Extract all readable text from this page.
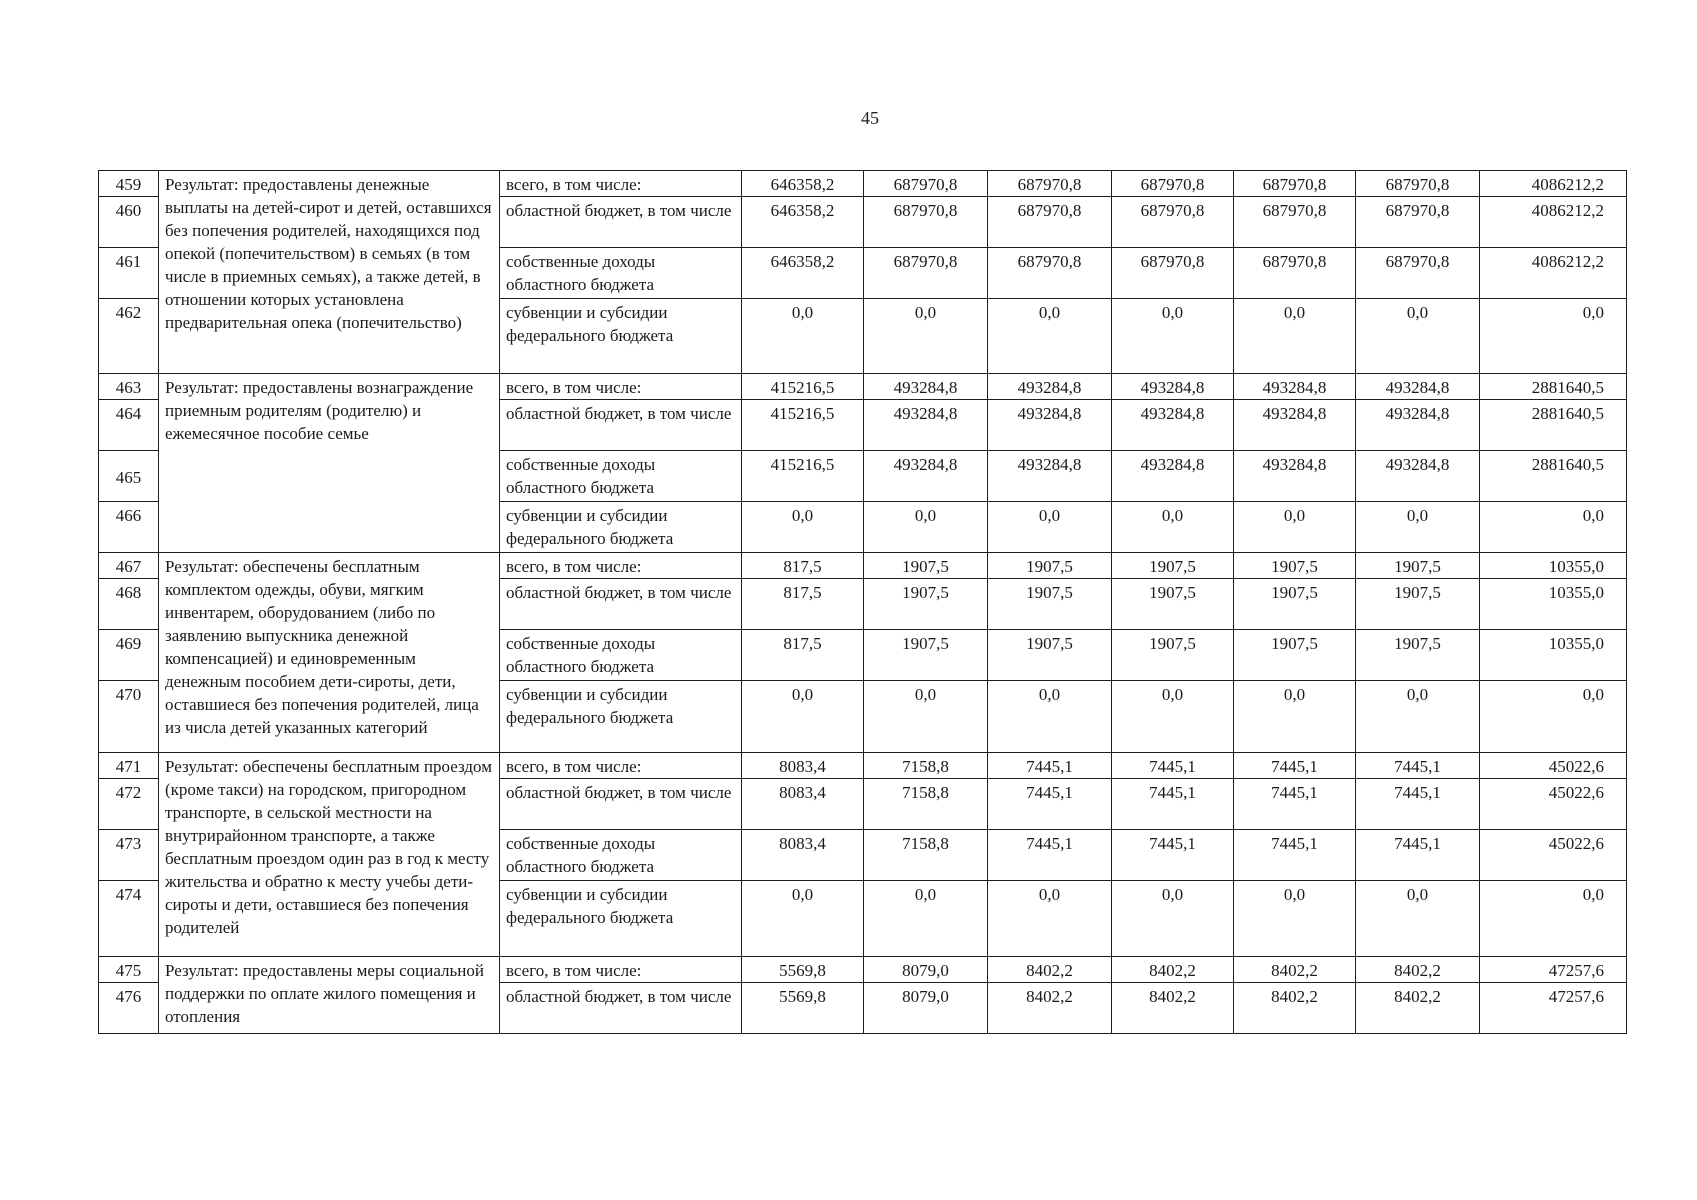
45
459	Результат: предоставлены денежные выплаты на детей-сирот и детей, оставшихся без попечения родителей, находящихся под опекой (попечительством) в семьях (в том числе в приемных семьях), а также детей, в отношении которых установлена предварительная опека (попечительство)	всего, в том числе:	646358,2	687970,8	687970,8	687970,8	687970,8	687970,8	4086212,2
460		областной бюджет, в том числе	646358,2	687970,8	687970,8	687970,8	687970,8	687970,8	4086212,2
461		собственные доходы областного бюджета	646358,2	687970,8	687970,8	687970,8	687970,8	687970,8	4086212,2
462		субвенции и субсидии федерального бюджета	0,0	0,0	0,0	0,0	0,0	0,0	0,0
463	Результат: предоставлены вознаграждение приемным родителям (родителю) и ежемесячное пособие семье	всего, в том числе:	415216,5	493284,8	493284,8	493284,8	493284,8	493284,8	2881640,5
464		областной бюджет, в том числе	415216,5	493284,8	493284,8	493284,8	493284,8	493284,8	2881640,5
465		собственные доходы областного бюджета	415216,5	493284,8	493284,8	493284,8	493284,8	493284,8	2881640,5
466		субвенции и субсидии федерального бюджета	0,0	0,0	0,0	0,0	0,0	0,0	0,0
467	Результат: обеспечены бесплатным комплектом одежды, обуви, мягким инвентарем, оборудованием (либо по заявлению выпускника денежной компенсацией) и единовременным денежным пособием дети-сироты, дети, оставшиеся без попечения родителей, лица из числа детей указанных категорий	всего, в том числе:	817,5	1907,5	1907,5	1907,5	1907,5	1907,5	10355,0
468		областной бюджет, в том числе	817,5	1907,5	1907,5	1907,5	1907,5	1907,5	10355,0
469		собственные доходы областного бюджета	817,5	1907,5	1907,5	1907,5	1907,5	1907,5	10355,0
470		субвенции и субсидии федерального бюджета	0,0	0,0	0,0	0,0	0,0	0,0	0,0
471	Результат: обеспечены бесплатным проездом (кроме такси) на городском, пригородном транспорте, в сельской местности на внутрирайонном транспорте, а также бесплатным проездом один раз в год к месту жительства и обратно к месту учебы дети-сироты и дети, оставшиеся без попечения родителей	всего, в том числе:	8083,4	7158,8	7445,1	7445,1	7445,1	7445,1	45022,6
472		областной бюджет, в том числе	8083,4	7158,8	7445,1	7445,1	7445,1	7445,1	45022,6
473		собственные доходы областного бюджета	8083,4	7158,8	7445,1	7445,1	7445,1	7445,1	45022,6
474		субвенции и субсидии федерального бюджета	0,0	0,0	0,0	0,0	0,0	0,0	0,0
475	Результат: предоставлены меры социальной поддержки по оплате жилого помещения и отопления	всего, в том числе:	5569,8	8079,0	8402,2	8402,2	8402,2	8402,2	47257,6
476		областной бюджет, в том числе	5569,8	8079,0	8402,2	8402,2	8402,2	8402,2	47257,6
